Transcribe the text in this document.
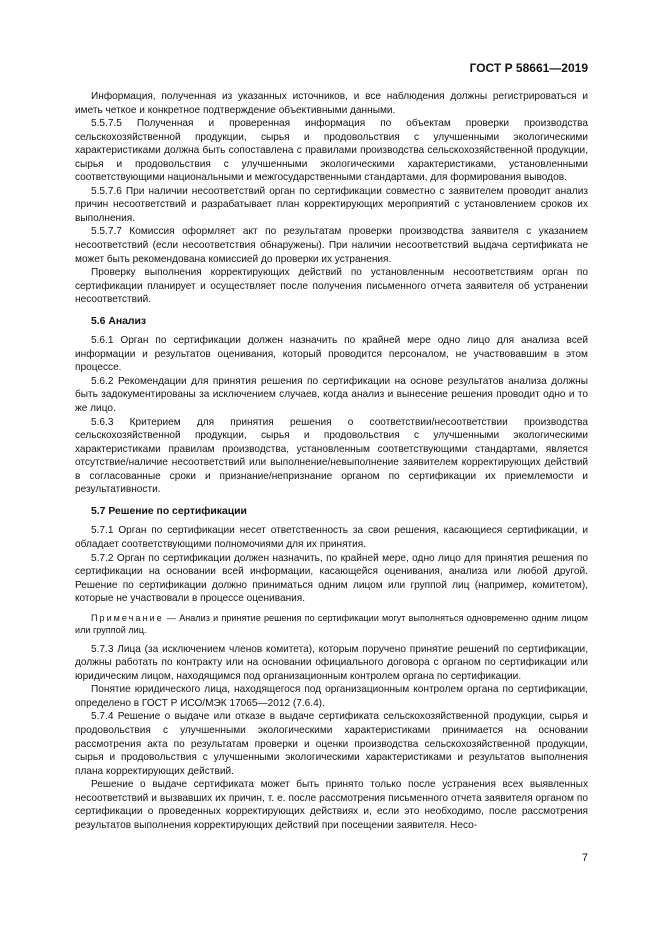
ГОСТ Р 58661—2019

Информация, полученная из указанных источников, и все наблюдения должны регистрироваться и иметь четкое и конкретное подтверждение объективными данными.

5.5.7.5 Полученная и проверенная информация по объектам проверки производства сельскохозяйственной продукции, сырья и продовольствия с улучшенными экологическими характеристиками должна быть сопоставлена с правилами производства сельскохозяйственной продукции, сырья и продовольствия с улучшенными экологическими характеристиками, установленными соответствующими национальными и межгосударственными стандартами, для формирования выводов.

5.5.7.6 При наличии несоответствий орган по сертификации совместно с заявителем проводит анализ причин несоответствий и разрабатывает план корректирующих мероприятий с установлением сроков их выполнения.

5.5.7.7 Комиссия оформляет акт по результатам проверки производства заявителя с указанием несоответствий (если несоответствия обнаружены). При наличии несоответствий выдача сертификата не может быть рекомендована комиссией до проверки их устранения.

Проверку выполнения корректирующих действий по установленным несоответствиям орган по сертификации планирует и осуществляет после получения письменного отчета заявителя об устранении несоответствий.

5.6 Анализ

5.6.1 Орган по сертификации должен назначить по крайней мере одно лицо для анализа всей информации и результатов оценивания, который проводится персоналом, не участвовавшим в этом процессе.

5.6.2 Рекомендации для принятия решения по сертификации на основе результатов анализа должны быть задокументированы за исключением случаев, когда анализ и вынесение решения проводит одно и то же лицо.

5.6.3 Критерием для принятия решения о соответствии/несоответствии производства сельскохозяйственной продукции, сырья и продовольствия с улучшенными экологическими характеристиками правилам производства, установленным соответствующими стандартами, является отсутствие/наличие несоответствий или выполнение/невыполнение заявителем корректирующих действий в согласованные сроки и признание/непризнание органом по сертификации их приемлемости и результативности.

5.7 Решение по сертификации

5.7.1 Орган по сертификации несет ответственность за свои решения, касающиеся сертификации, и обладает соответствующими полномочиями для их принятия.

5.7.2 Орган по сертификации должен назначить, по крайней мере, одно лицо для принятия решения по сертификации на основании всей информации, касающейся оценивания, анализа или любой другой. Решение по сертификации должно приниматься одним лицом или группой лиц (например, комитетом), которые не участвовали в процессе оценивания.

Примечание — Анализ и принятие решения по сертификации могут выполняться одновременно одним лицом или группой лиц.

5.7.3 Лица (за исключением членов комитета), которым поручено принятие решений по сертификации, должны работать по контракту или на основании официального договора с органом по сертификации или юридическим лицом, находящимся под организационным контролем органа по сертификации.

Понятие юридического лица, находящегося под организационным контролем органа по сертификации, определено в ГОСТ Р ИСО/МЭК 17065—2012 (7.6.4).

5.7.4 Решение о выдаче или отказе в выдаче сертификата сельскохозяйственной продукции, сырья и продовольствия с улучшенными экологическими характеристиками принимается на основании рассмотрения акта по результатам проверки и оценки производства сельскохозяйственной продукции, сырья и продовольствия с улучшенными экологическими характеристиками и результатов выполнения плана корректирующих действий.

Решение о выдаче сертификата может быть принято только после устранения всех выявленных несоответствий и вызвавших их причин, т. е. после рассмотрения письменного отчета заявителя органом по сертификации о проведенных корректирующих действиях и, если это необходимо, после рассмотрения результатов выполнения корректирующих действий при посещении заявителя. Несо-

7
